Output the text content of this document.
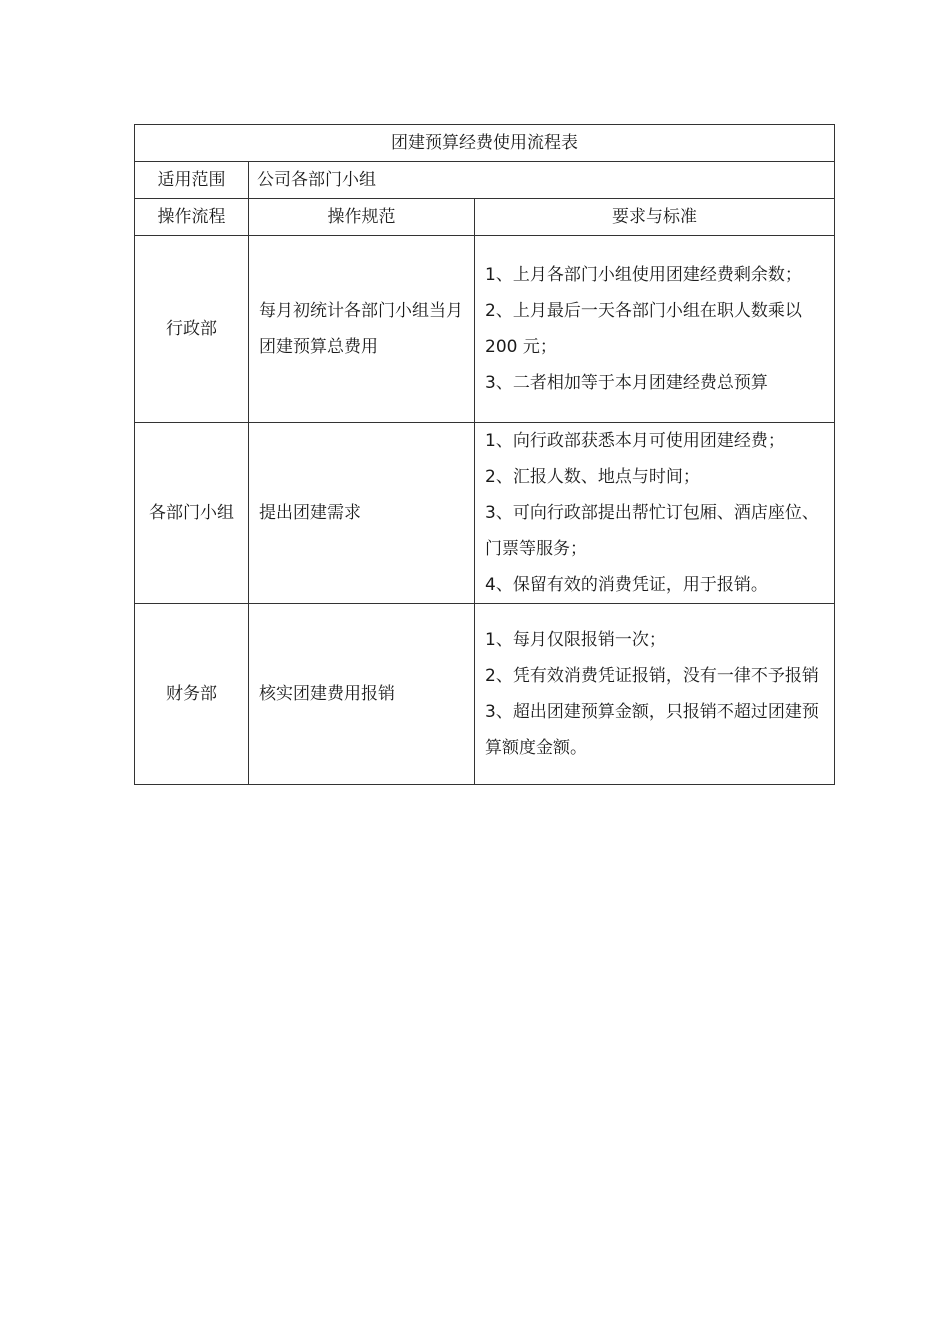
团建预算经费使用流程表		
适用范围	公司各部门小组	
操作流程	操作规范	要求与标准
行政部	每月初统计各部门小组当月团建预算总费用	1、上月各部门小组使用团建经费剩余数；
2、上月最后一天各部门小组在职人数乘以 200 元；
3、二者相加等于本月团建经费总预算

各部门小组	提出团建需求	1、向行政部获悉本月可使用团建经费；
2、汇报人数、地点与时间；
3、可向行政部提出帮忙订包厢、酒店座位、门票等服务；
4、保留有效的消费凭证，用于报销。

财务部	核实团建费用报销	1、每月仅限报销一次；
2、凭有效消费凭证报销，没有一律不予报销
3、超出团建预算金额，只报销不超过团建预算额度金额。
